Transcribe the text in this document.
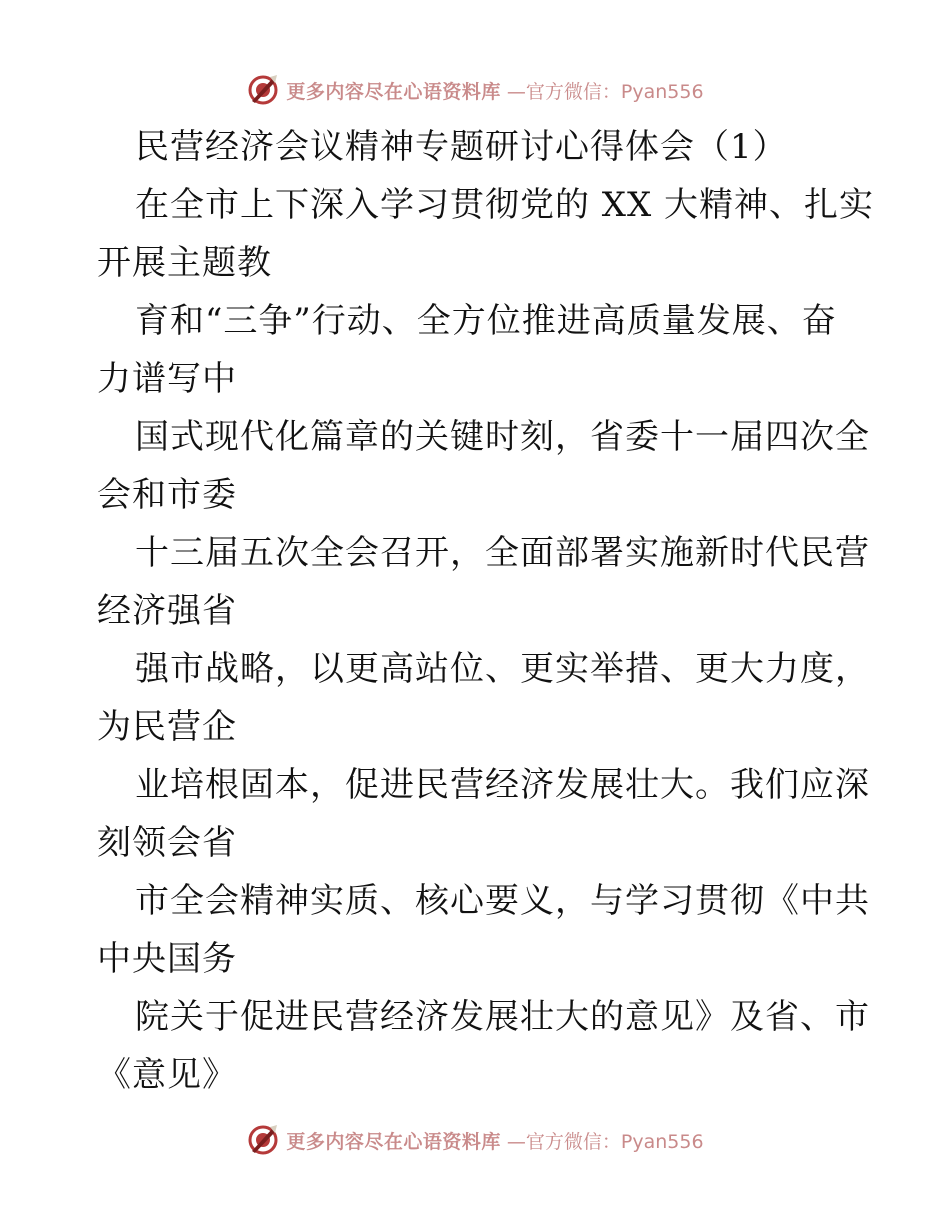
更多内容尽在心语资料库 —官方微信：Pyan556
民营经济会议精神专题研讨心得体会（1）
在全市上下深入学习贯彻党的 XX 大精神、扎实
开展主题教
育和“三争”行动、全方位推进高质量发展、奋
力谱写中
国式现代化篇章的关键时刻，省委十一届四次全
会和市委
十三届五次全会召开，全面部署实施新时代民营
经济强省
强市战略，以更高站位、更实举措、更大力度，
为民营企
业培根固本，促进民营经济发展壮大。我们应深
刻领会省
市全会精神实质、核心要义，与学习贯彻《中共
中央国务
院关于促进民营经济发展壮大的意见》及省、市
《意见》
更多内容尽在心语资料库 —官方微信：Pyan556
